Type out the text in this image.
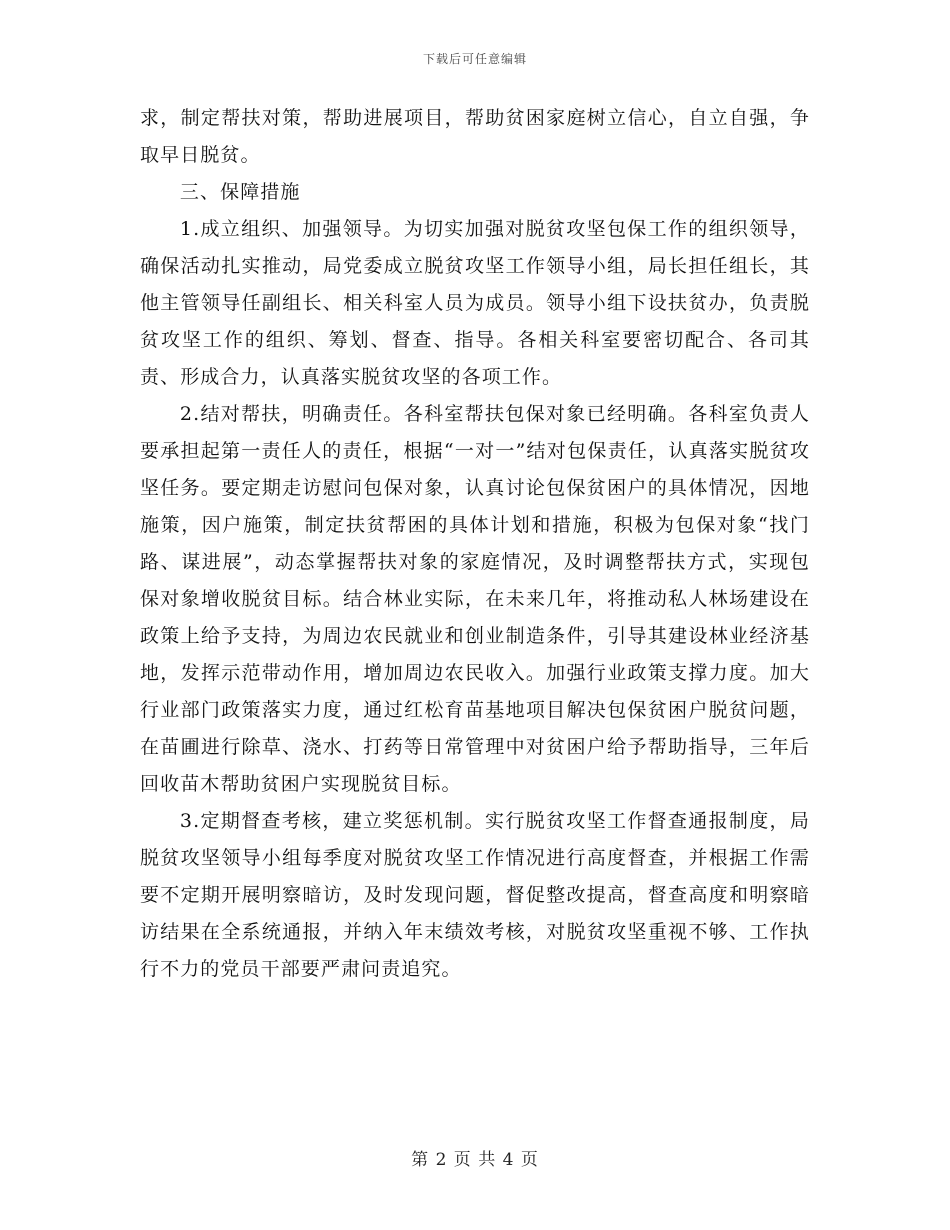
下载后可任意编辑

求，制定帮扶对策，帮助进展项目，帮助贫困家庭树立信心，自立自强，争取早日脱贫。

三、保障措施

1.成立组织、加强领导。为切实加强对脱贫攻坚包保工作的组织领导，确保活动扎实推动，局党委成立脱贫攻坚工作领导小组，局长担任组长，其他主管领导任副组长、相关科室人员为成员。领导小组下设扶贫办，负责脱贫攻坚工作的组织、筹划、督查、指导。各相关科室要密切配合、各司其责、形成合力，认真落实脱贫攻坚的各项工作。

2.结对帮扶，明确责任。各科室帮扶包保对象已经明确。各科室负责人要承担起第一责任人的责任，根据“一对一”结对包保责任，认真落实脱贫攻坚任务。要定期走访慰问包保对象，认真讨论包保贫困户的具体情况，因地施策，因户施策，制定扶贫帮困的具体计划和措施，积极为包保对象“找门路、谋进展”，动态掌握帮扶对象的家庭情况，及时调整帮扶方式，实现包保对象增收脱贫目标。结合林业实际，在未来几年，将推动私人林场建设在政策上给予支持，为周边农民就业和创业制造条件，引导其建设林业经济基地，发挥示范带动作用，增加周边农民收入。加强行业政策支撑力度。加大行业部门政策落实力度，通过红松育苗基地项目解决包保贫困户脱贫问题，在苗圃进行除草、浇水、打药等日常管理中对贫困户给予帮助指导，三年后回收苗木帮助贫困户实现脱贫目标。

3.定期督查考核，建立奖惩机制。实行脱贫攻坚工作督查通报制度，局脱贫攻坚领导小组每季度对脱贫攻坚工作情况进行高度督查，并根据工作需要不定期开展明察暗访，及时发现问题，督促整改提高，督查高度和明察暗访结果在全系统通报，并纳入年末绩效考核，对脱贫攻坚重视不够、工作执行不力的党员干部要严肃问责追究。

第 2 页 共 4 页
